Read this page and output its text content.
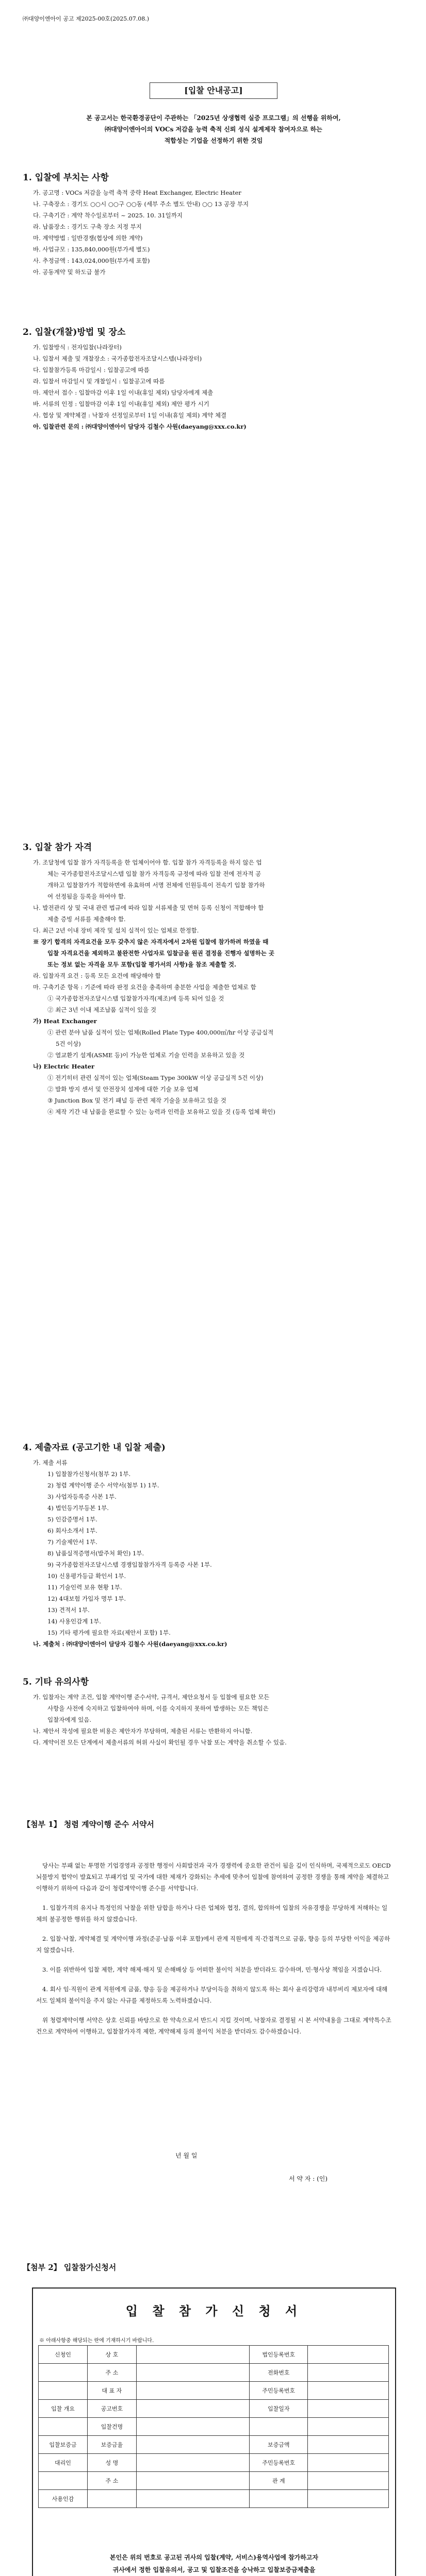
㈜대양이엔아이 공고 제2025-00호(2025.07.08.)
[입찰 안내공고]
본 공고서는 한국환경공단이 주관하는 「2025년 상생협력 실증 프로그램」의 선행을 위하여,
㈜대양이엔아이의 VOCs 저감을 능력 축적 신뢰 성식 설계제작 참여자으로 하는
적합성는 기업을 선정하기 위한 것임
1. 입찰에 부치는 사항
가. 공고명 : VOCs 저감을 능력 축적 중략 Heat Exchanger, Electric Heater
나. 구축장소 : 경기도 ○○시 ○○구 ○○동 (세부 주소 별도 안내) ○○ 13 공장 부지
다. 구축기간 : 계약 착수일로부터 ~ 2025. 10. 31일까지
라. 납품장소 : 경기도 구축 장소 지정 부지
마. 계약방법 : 일반경쟁(협상에 의한 계약)
바. 사업규모 : 135,840,000원(부가세 별도)
사. 추정금액 : 143,024,000원(부가세 포함)
아. 공동계약 및 하도급 불가
2. 입찰(개찰)방법 및 장소
가. 입찰방식 : 전자입찰(나라장터)
나. 입찰서 제출 및 개찰장소 : 국가종합전자조달시스템(나라장터)
다. 입찰참가등록 마감일시 : 입찰공고에 따름
라. 입찰서 마감일시 및 개찰일시 : 입찰공고에 따름
마. 제안서 접수 : 입찰마감 이후 1일 이내(휴일 제외) 담당자에게 제출
바. 서류의 인정 : 입찰마감 이후 1일 이내(휴일 제외) 제안 평가 시기
사. 협상 및 계약체결 : 낙찰자 선정일로부터 1일 이내(휴일 제외) 계약 체결
아. 입찰관련 문의 : ㈜대양이엔아이 담당자 김철수 사원(daeyang@xxx.co.kr)
3. 입찰 참가 자격
가. 조달청에 입찰 참가 자격등록을 한 업체이어야 함. 입찰 참가 자격등록을 하지 않은 업
체는 국가종합전자조달시스템 입찰 참가 자격등록 규정에 따라 입찰 전에 전자적 공
개하고 입찰참가가 적합하면에 유효하며 서명 전체에 인원등록이 전속기 입찰 참가하
여 선정됨을 등록을 하여야 함.
나. 발전관리 상 및 국내 관련 법규에 따라 입찰 서류제출 및 면허 등록 신청이 적합해야 함
제출 증빙 서류를 제출해야 함.
다. 최근 2년 이내 장비 제작 및 설치 실적이 있는 업체로 한정함.
※ 장기 합격의 자격요건을 모두 갖추지 않은 자격자에서 2차원 입찰에 참가하려 하였을 때
입찰 자격요건을 제외하고 불완전한 사업자로 입찰금을 원권 결정을 진행자 설명하는 곳
또는 정보 없는 자격을 모두 포함(입찰 평가서의 사항)을 참조 제출할 것.
라. 입찰자격 요건 : 등록 모든 요건에 해당해야 함
마. 구축기준 항목 : 기준에 따라 판정 요건을 충족하며 충분한 사업을 제출한 업체로 함
① 국가종합전자조달시스템 입찰참가자격(제조)에 등록 되어 있을 것
② 최근 3년 이내 제조납품 실적이 있을 것
가) Heat Exchanger
① 관련 분야 납품 실적이 있는 업체(Rolled Plate Type 400,000㎥/hr 이상 공급실적
5건 이상)
② 열교환기 설계(ASME 등)이 가능한 업체로 기술 인력을 보유하고 있을 것
나) Electric Heater
① 전기히터 관련 실적이 있는 업체(Steam Type 300kW 이상 공급실적 5건 이상)
② 발화 방지 센서 및 안전장치 설계에 대한 기술 보유 업체
③ Junction Box 및 전기 패널 등 관련 제작 기술을 보유하고 있을 것
④ 제작 기간 내 납품을 완료할 수 있는 능력과 인력을 보유하고 있을 것 (등록 업체 확인)
4. 제출자료 (공고기한 내 입찰 제출)
가. 제출 서류
1) 입찰참가신청서(첨부 2) 1부.
2) 청렴 계약이행 준수 서약서(첨부 1) 1부.
3) 사업자등록증 사본 1부.
4) 법인등기부등본 1부.
5) 인감증명서 1부.
6) 회사소개서 1부.
7) 기술제안서 1부.
8) 납품실적증명서(발주처 확인) 1부.
9) 국가종합전자조달시스템 경쟁입찰참가자격 등록증 사본 1부.
10) 신용평가등급 확인서 1부.
11) 기술인력 보유 현황 1부.
12) 4대보험 가입자 명부 1부.
13) 견적서 1부.
14) 사용인감계 1부.
15) 기타 평가에 필요한 자료(제안서 포함) 1부.
나. 제출처 : ㈜대양이엔아이 담당자 김철수 사원(daeyang@xxx.co.kr)
5. 기타 유의사항
가. 입찰자는 계약 조건, 입찰 계약이행 준수서약, 규격서, 제안요청서 등 입찰에 필요한 모든
사항을 사전에 숙지하고 입찰하여야 하며, 이를 숙지하지 못하여 발생하는 모든 책임은
입찰자에게 있음.
나. 제안서 작성에 필요한 비용은 제안자가 부담하며, 제출된 서류는 반환하지 아니함.
다. 계약이전 모든 단계에서 제출서류의 허위 사실이 확인될 경우 낙찰 또는 계약을 취소할 수 있음.
【첨부 1】 청렴 계약이행 준수 서약서

당사는 부패 없는 투명한 기업경영과 공정한 행정이 사회발전과 국가 경쟁력에 중요한 관건이 됨을 깊이 인식하며, 국제적으로도 OECD 뇌물방지 협약이 발효되고 부패기업 및 국가에 대한 제재가 강화되는 추세에 맞추어 입찰에 참여하여 공정한 경쟁을 통해 계약을 체결하고 이행하기 위하여 다음과 같이 청렴계약이행 준수를 서약합니다.

1. 입찰가격의 유지나 특정인의 낙찰을 위한 담합을 하거나 다른 업체와 협정, 결의, 합의하여 입찰의 자유경쟁을 부당하게 저해하는 일체의 불공정한 행위를 하지 않겠습니다.

2. 입찰·낙찰, 계약체결 및 계약이행 과정(준공·납품 이후 포함)에서 관계 직원에게 직·간접적으로 금품, 향응 등의 부당한 이익을 제공하지 않겠습니다.

3. 이를 위반하여 입찰 제한, 계약 해제·해지 및 손해배상 등 어떠한 불이익 처분을 받더라도 감수하며, 민·형사상 책임을 지겠습니다.

4. 회사 임·직원이 관계 직원에게 금품, 향응 등을 제공하거나 부당이득을 취하지 않도록 하는 회사 윤리강령과 내부비리 제보자에 대해서도 일체의 불이익을 주지 않는 사규를 제정하도록 노력하겠습니다.

위 청렴계약이행 서약은 상호 신뢰를 바탕으로 한 약속으로서 반드시 지킬 것이며, 낙찰자로 결정될 시 본 서약내용을 그대로 계약특수조건으로 계약하여 이행하고, 입찰참가자격 제한, 계약해제 등의 불이익 처분을 받더라도 감수하겠습니다.

년 월 일
서 약 자 : (인)
【첨부 2】 입찰참가신청서
입 찰 참 가 신 청 서
※ 아래사항중 해당되는 란에 기재하시기 바랍니다.
신청인	상 호		법인등록번호	
	주 소		전화번호	
	대 표 자		주민등록번호	
입찰 개요	공고번호		입찰일자	
	입찰건명			
입찰보증금	보증금율		보증금액	
대리인	성 명		주민등록번호	
	주 소		관 계	
사용인감				
본인은 위의 번호로 공고된 귀사의 입찰(계약, 서비스)용역사업에 참가하고자
귀사에서 정한 입찰유의서, 공고 및 입찰조건을 승낙하고 입찰보증금제출을
